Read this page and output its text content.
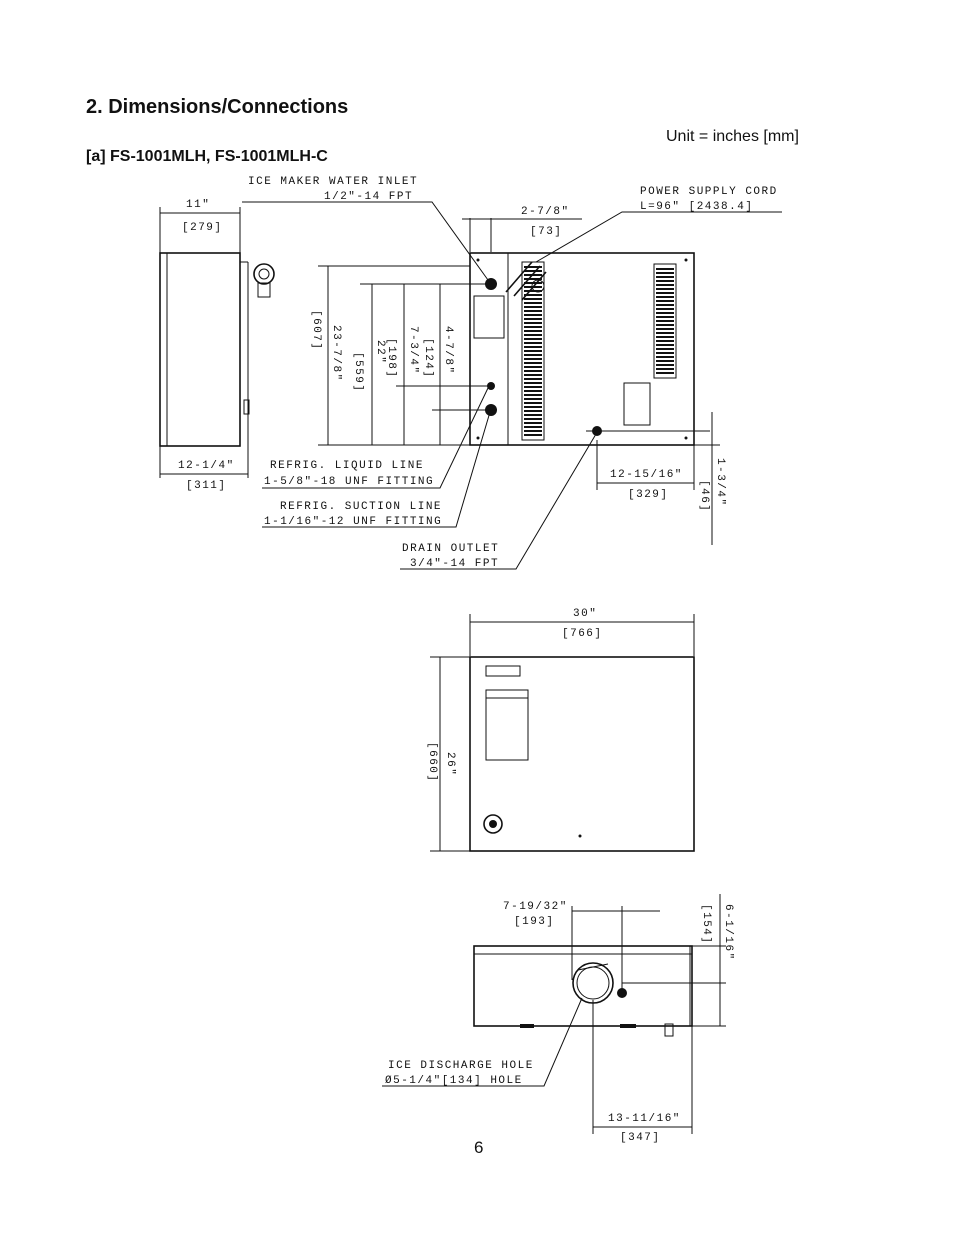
2. Dimensions/Connections
Unit = inches [mm]
[a] FS-1001MLH, FS-1001MLH-C
11"
[279]
12-1/4"
[311]
ICE MAKER WATER INLET
1/2"-14 FPT	POWER SUPPLY CORD
L=96" [2438.4]
2-7/8"
[73]
[607] 23-7/8"	22"
[559] [198] 7-3/4" [124] 4-7/8"
REFRIG. LIQUID LINE
1-5/8"-18 UNF FITTING
REFRIG. SUCTION LINE
1-1/16"-12 UNF FITTING
DRAIN OUTLET
3/4"-14 FPT
12-15/16"
[329]	1-3/4"
[46]
30"
[766]
[660] 26"
7-19/32"
[193]	[154] 6-1/16"
ICE DISCHARGE HOLE
Ø5-1/4"[134] HOLE
13-11/16"
[347]
6
